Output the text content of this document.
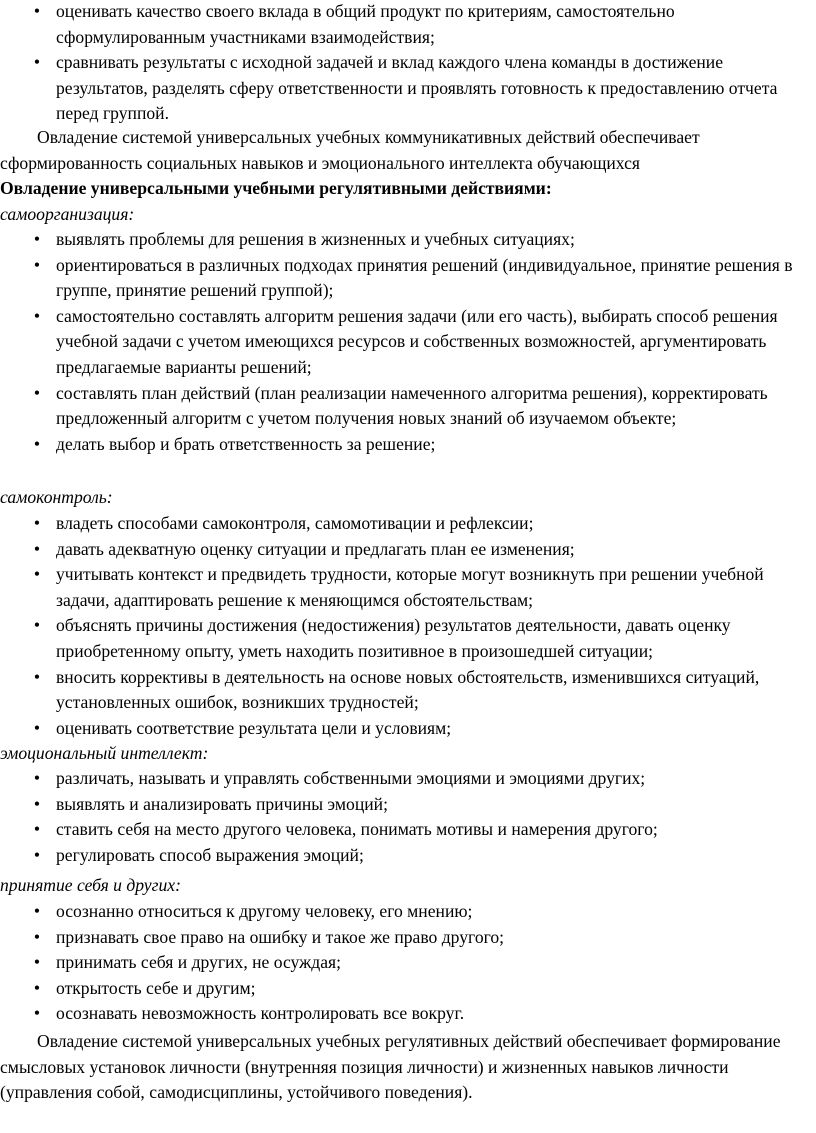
• оценивать качество своего вклада в общий продукт по критериям, самостоятельно сформулированным участниками взаимодействия;
• сравнивать результаты с исходной задачей и вклад каждого члена команды в достижение результатов, разделять сферу ответственности и проявлять готовность к предоставлению отчета перед группой.
Овладение системой универсальных учебных коммуникативных действий обеспечивает сформированность социальных навыков и эмоционального интеллекта обучающихся
Овладение универсальными учебными регулятивными действиями:
самоорганизация:
• выявлять проблемы для решения в жизненных и учебных ситуациях;
• ориентироваться в различных подходах принятия решений (индивидуальное, принятие решения в группе, принятие решений группой);
• самостоятельно составлять алгоритм решения задачи (или его часть), выбирать способ решения учебной задачи с учетом имеющихся ресурсов и собственных возможностей, аргументировать предлагаемые варианты решений;
• составлять план действий (план реализации намеченного алгоритма решения), корректировать предложенный алгоритм с учетом получения новых знаний об изучаемом объекте;
• делать выбор и брать ответственность за решение;
самоконтроль:
• владеть способами самоконтроля, самомотивации и рефлексии;
• давать адекватную оценку ситуации и предлагать план ее изменения;
• учитывать контекст и предвидеть трудности, которые могут возникнуть при решении учебной задачи, адаптировать решение к меняющимся обстоятельствам;
• объяснять причины достижения (недостижения) результатов деятельности, давать оценку приобретенному опыту, уметь находить позитивное в произошедшей ситуации;
• вносить коррективы в деятельность на основе новых обстоятельств, изменившихся ситуаций, установленных ошибок, возникших трудностей;
• оценивать соответствие результата цели и условиям;
эмоциональный интеллект:
• различать, называть и управлять собственными эмоциями и эмоциями других;
• выявлять и анализировать причины эмоций;
• ставить себя на место другого человека, понимать мотивы и намерения другого;
• регулировать способ выражения эмоций;
принятие себя и других:
• осознанно относиться к другому человеку, его мнению;
• признавать свое право на ошибку и такое же право другого;
• принимать себя и других, не осуждая;
• открытость себе и другим;
• осознавать невозможность контролировать все вокруг.
Овладение системой универсальных учебных регулятивных действий обеспечивает формирование смысловых установок личности (внутренняя позиция личности) и жизненных навыков личности (управления собой, самодисциплины, устойчивого поведения).
